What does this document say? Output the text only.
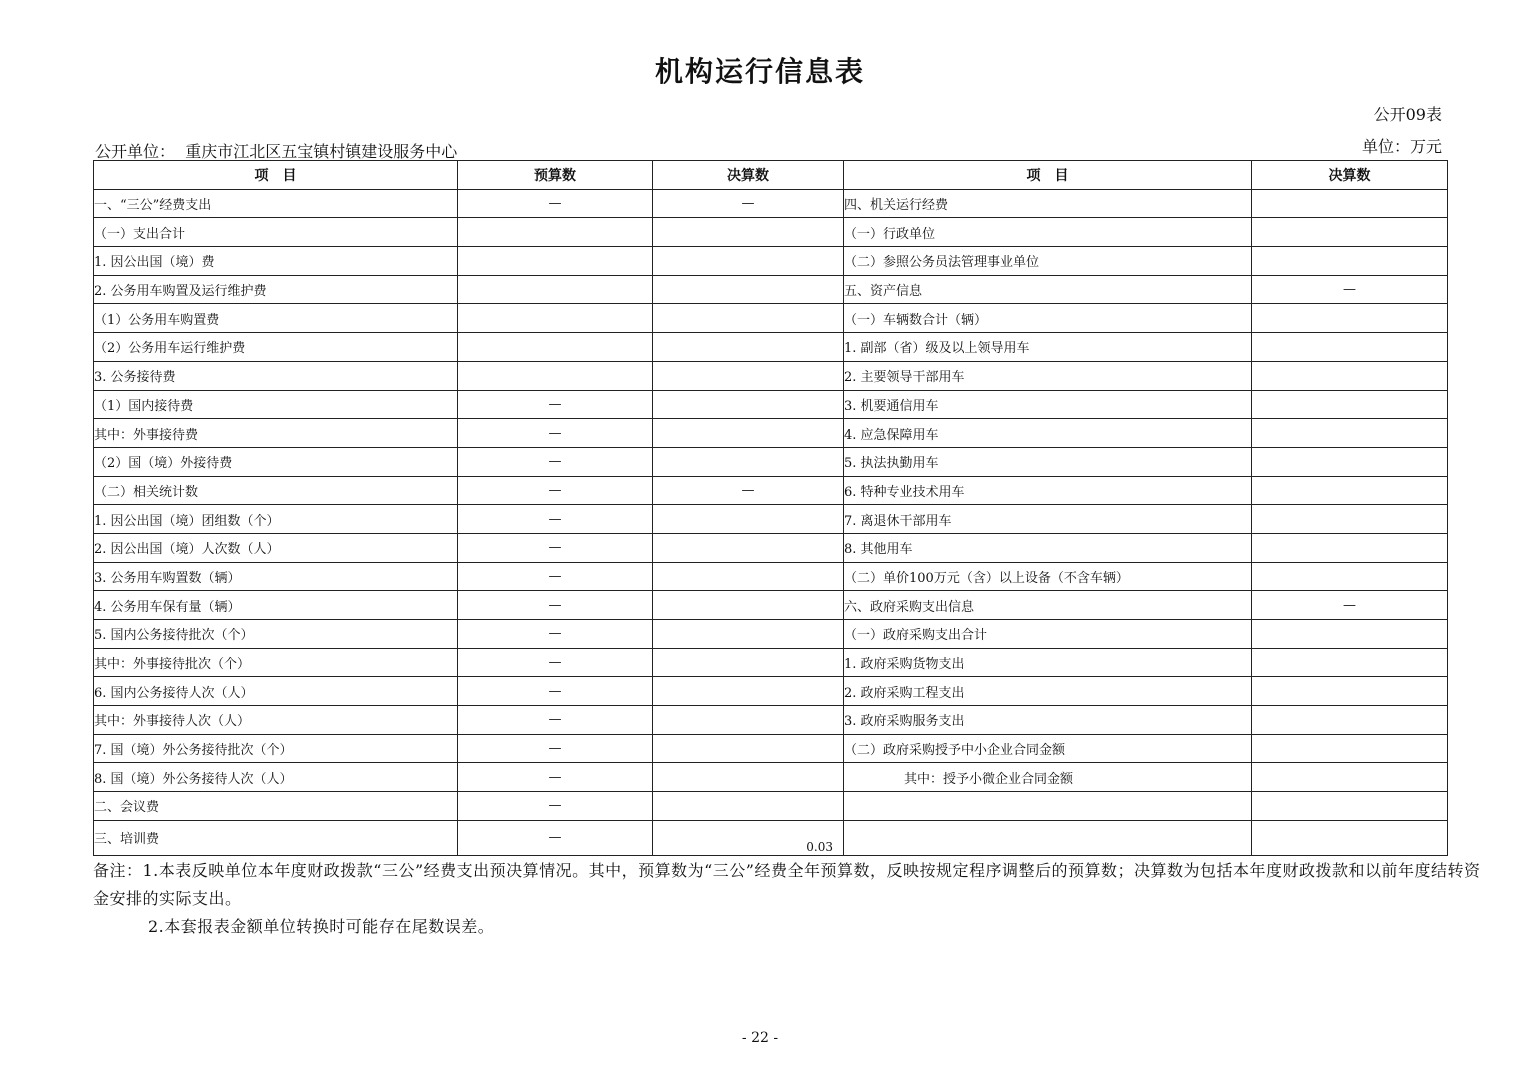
机构运行信息表
公开09表
公开单位： 重庆市江北区五宝镇村镇建设服务中心	单位：万元
项　目	预算数	决算数	项　目	决算数
一、“三公”经费支出	—	—	四、机关运行经费	
（一）支出合计			（一）行政单位	
1. 因公出国（境）费			（二）参照公务员法管理事业单位	
2. 公务用车购置及运行维护费			五、资产信息	—
（1）公务用车购置费			（一）车辆数合计（辆）	
（2）公务用车运行维护费			1. 副部（省）级及以上领导用车	
3. 公务接待费			2. 主要领导干部用车	
（1）国内接待费	—		3. 机要通信用车	
其中：外事接待费	—		4. 应急保障用车	
（2）国（境）外接待费	—		5. 执法执勤用车	
（二）相关统计数	—	—	6. 特种专业技术用车	
1. 因公出国（境）团组数（个）	—		7. 离退休干部用车	
2. 因公出国（境）人次数（人）	—		8. 其他用车	
3. 公务用车购置数（辆）	—		（二）单价100万元（含）以上设备（不含车辆）	
4. 公务用车保有量（辆）	—		六、政府采购支出信息	—
5. 国内公务接待批次（个）	—		（一）政府采购支出合计	
其中：外事接待批次（个）	—		1. 政府采购货物支出	
6. 国内公务接待人次（人）	—		2. 政府采购工程支出	
其中：外事接待人次（人）	—		3. 政府采购服务支出	
7. 国（境）外公务接待批次（个）	—		（二）政府采购授予中小企业合同金额	
8. 国（境）外公务接待人次（人）	—		其中：授予小微企业合同金额	
二、会议费	—			
三、培训费	—	0.03		

备注：1.本表反映单位本年度财政拨款“三公”经费支出预决算情况。其中，预算数为“三公”经费全年预算数，反映按规定程序调整后的预算数；决算数为包括本年度财政拨款和以前年度结转资金安排的实际支出。

2.本套报表金额单位转换时可能存在尾数误差。

- 22 -
